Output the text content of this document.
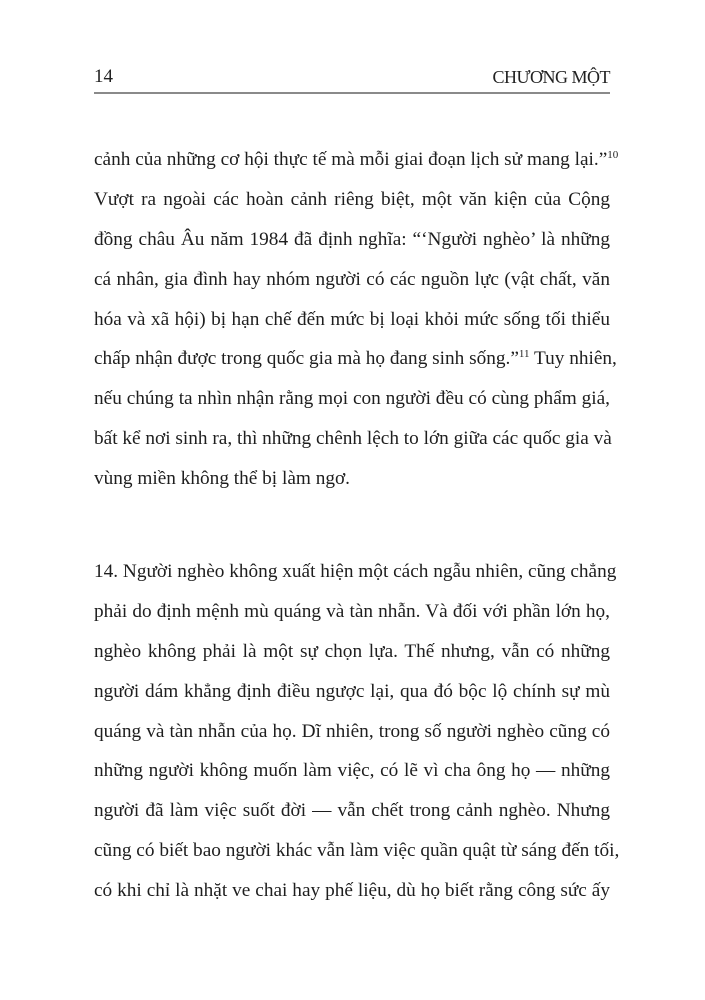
14	CHƯƠNG MỘT
cảnh của những cơ hội thực tế mà mỗi giai đoạn lịch sử mang lại.”$^{10}$
Vượt ra ngoài các hoàn cảnh riêng biệt, một văn kiện của Cộng
đồng châu Âu năm 1984 đã định nghĩa: “‘Người nghèo’ là những
cá nhân, gia đình hay nhóm người có các nguồn lực (vật chất, văn
hóa và xã hội) bị hạn chế đến mức bị loại khỏi mức sống tối thiểu
chấp nhận được trong quốc gia mà họ đang sinh sống.”$^{11}$ Tuy nhiên,
nếu chúng ta nhìn nhận rằng mọi con người đều có cùng phẩm giá,
bất kể nơi sinh ra, thì những chênh lệch to lớn giữa các quốc gia và
vùng miền không thể bị làm ngơ.
14. Người nghèo không xuất hiện một cách ngẫu nhiên, cũng chẳng
phải do định mệnh mù quáng và tàn nhẫn. Và đối với phần lớn họ,
nghèo không phải là một sự chọn lựa. Thế nhưng, vẫn có những
người dám khẳng định điều ngược lại, qua đó bộc lộ chính sự mù
quáng và tàn nhẫn của họ. Dĩ nhiên, trong số người nghèo cũng có
những người không muốn làm việc, có lẽ vì cha ông họ — những
người đã làm việc suốt đời — vẫn chết trong cảnh nghèo. Nhưng
cũng có biết bao người khác vẫn làm việc quần quật từ sáng đến tối,
có khi chỉ là nhặt ve chai hay phế liệu, dù họ biết rằng công sức ấy
